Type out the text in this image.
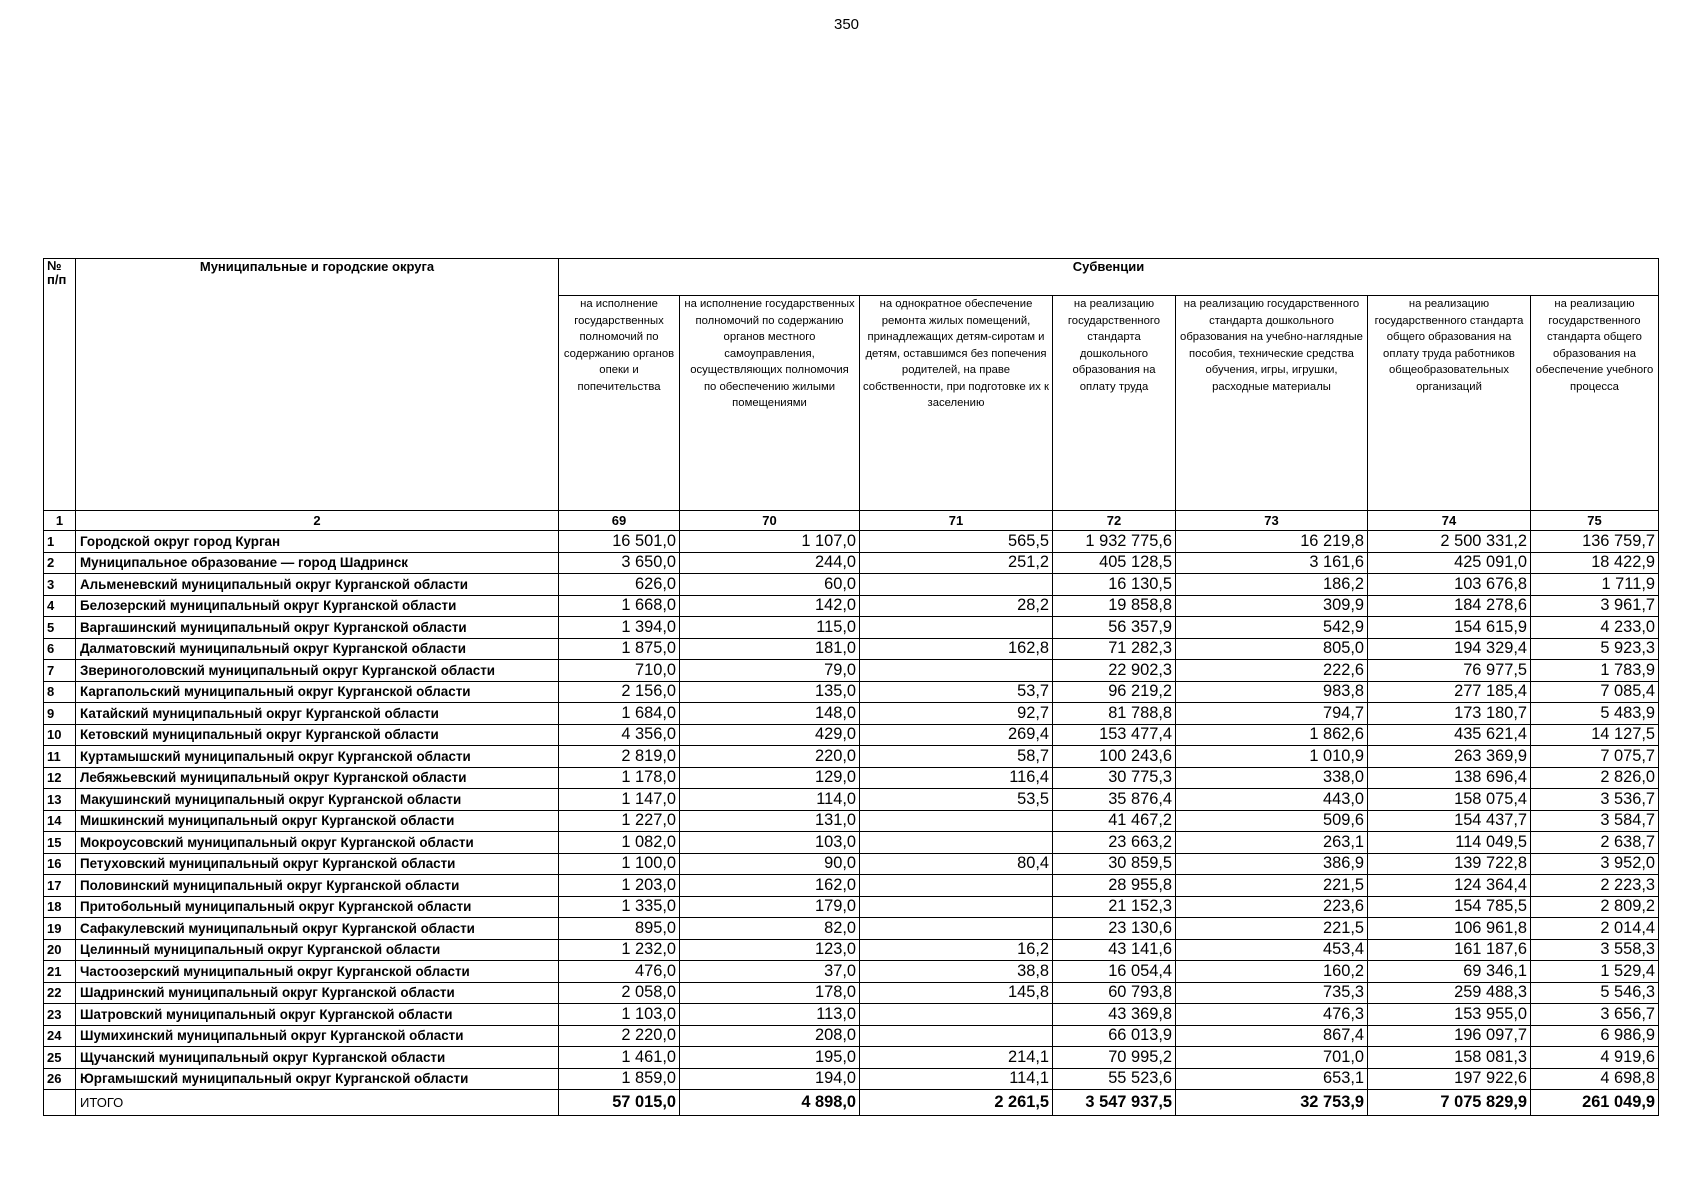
350
№ п/п	Муниципальные и городские округа	Субвенции						
		на исполнение государственных полномочий по содержанию органов опеки и попечительства	на исполнение государственных полномочий по содержанию органов местного самоуправления, осуществляющих полномочия по обеспечению жилыми помещениями	на однократное обеспечение ремонта жилых помещений, принадлежащих детям-сиротам и детям, оставшимся без попечения родителей, на праве собственности, при подготовке их к заселению	на реализацию государственного стандарта дошкольного образования на оплату труда	на реализацию государственного стандарта дошкольного образования на учебно-наглядные пособия, технические средства обучения, игры, игрушки, расходные материалы	на реализацию государственного стандарта общего образования на оплату труда работников общеобразовательных организаций	на реализацию государственного стандарта общего образования на обеспечение учебного процесса
1	2	69	70	71	72	73	74	75
1	Городской округ город Курган	16 501,0	1 107,0	565,5	1 932 775,6	16 219,8	2 500 331,2	136 759,7
2	Муниципальное образование — город Шадринск	3 650,0	244,0	251,2	405 128,5	3 161,6	425 091,0	18 422,9
3	Альменевский муниципальный округ Курганской области	626,0	60,0		16 130,5	186,2	103 676,8	1 711,9
4	Белозерский муниципальный округ Курганской области	1 668,0	142,0	28,2	19 858,8	309,9	184 278,6	3 961,7
5	Варгашинский муниципальный округ Курганской области	1 394,0	115,0		56 357,9	542,9	154 615,9	4 233,0
6	Далматовский муниципальный округ Курганской области	1 875,0	181,0	162,8	71 282,3	805,0	194 329,4	5 923,3
7	Звериноголовский муниципальный округ Курганской области	710,0	79,0		22 902,3	222,6	76 977,5	1 783,9
8	Каргапольский муниципальный округ Курганской области	2 156,0	135,0	53,7	96 219,2	983,8	277 185,4	7 085,4
9	Катайский муниципальный округ Курганской области	1 684,0	148,0	92,7	81 788,8	794,7	173 180,7	5 483,9
10	Кетовский муниципальный округ Курганской области	4 356,0	429,0	269,4	153 477,4	1 862,6	435 621,4	14 127,5
11	Куртамышский муниципальный округ Курганской области	2 819,0	220,0	58,7	100 243,6	1 010,9	263 369,9	7 075,7
12	Лебяжьевский муниципальный округ Курганской области	1 178,0	129,0	116,4	30 775,3	338,0	138 696,4	2 826,0
13	Макушинский муниципальный округ Курганской области	1 147,0	114,0	53,5	35 876,4	443,0	158 075,4	3 536,7
14	Мишкинский муниципальный округ Курганской области	1 227,0	131,0		41 467,2	509,6	154 437,7	3 584,7
15	Мокроусовский муниципальный округ Курганской области	1 082,0	103,0		23 663,2	263,1	114 049,5	2 638,7
16	Петуховский муниципальный округ Курганской области	1 100,0	90,0	80,4	30 859,5	386,9	139 722,8	3 952,0
17	Половинский муниципальный округ Курганской области	1 203,0	162,0		28 955,8	221,5	124 364,4	2 223,3
18	Притобольный муниципальный округ Курганской области	1 335,0	179,0		21 152,3	223,6	154 785,5	2 809,2
19	Сафакулевский муниципальный округ Курганской области	895,0	82,0		23 130,6	221,5	106 961,8	2 014,4
20	Целинный муниципальный округ Курганской области	1 232,0	123,0	16,2	43 141,6	453,4	161 187,6	3 558,3
21	Частоозерский муниципальный округ Курганской области	476,0	37,0	38,8	16 054,4	160,2	69 346,1	1 529,4
22	Шадринский муниципальный округ Курганской области	2 058,0	178,0	145,8	60 793,8	735,3	259 488,3	5 546,3
23	Шатровский муниципальный округ Курганской области	1 103,0	113,0		43 369,8	476,3	153 955,0	3 656,7
24	Шумихинский муниципальный округ Курганской области	2 220,0	208,0		66 013,9	867,4	196 097,7	6 986,9
25	Щучанский муниципальный округ Курганской области	1 461,0	195,0	214,1	70 995,2	701,0	158 081,3	4 919,6
26	Юргамышский муниципальный округ Курганской области	1 859,0	194,0	114,1	55 523,6	653,1	197 922,6	4 698,8
	ИТОГО	57 015,0	4 898,0	2 261,5	3 547 937,5	32 753,9	7 075 829,9	261 049,9
